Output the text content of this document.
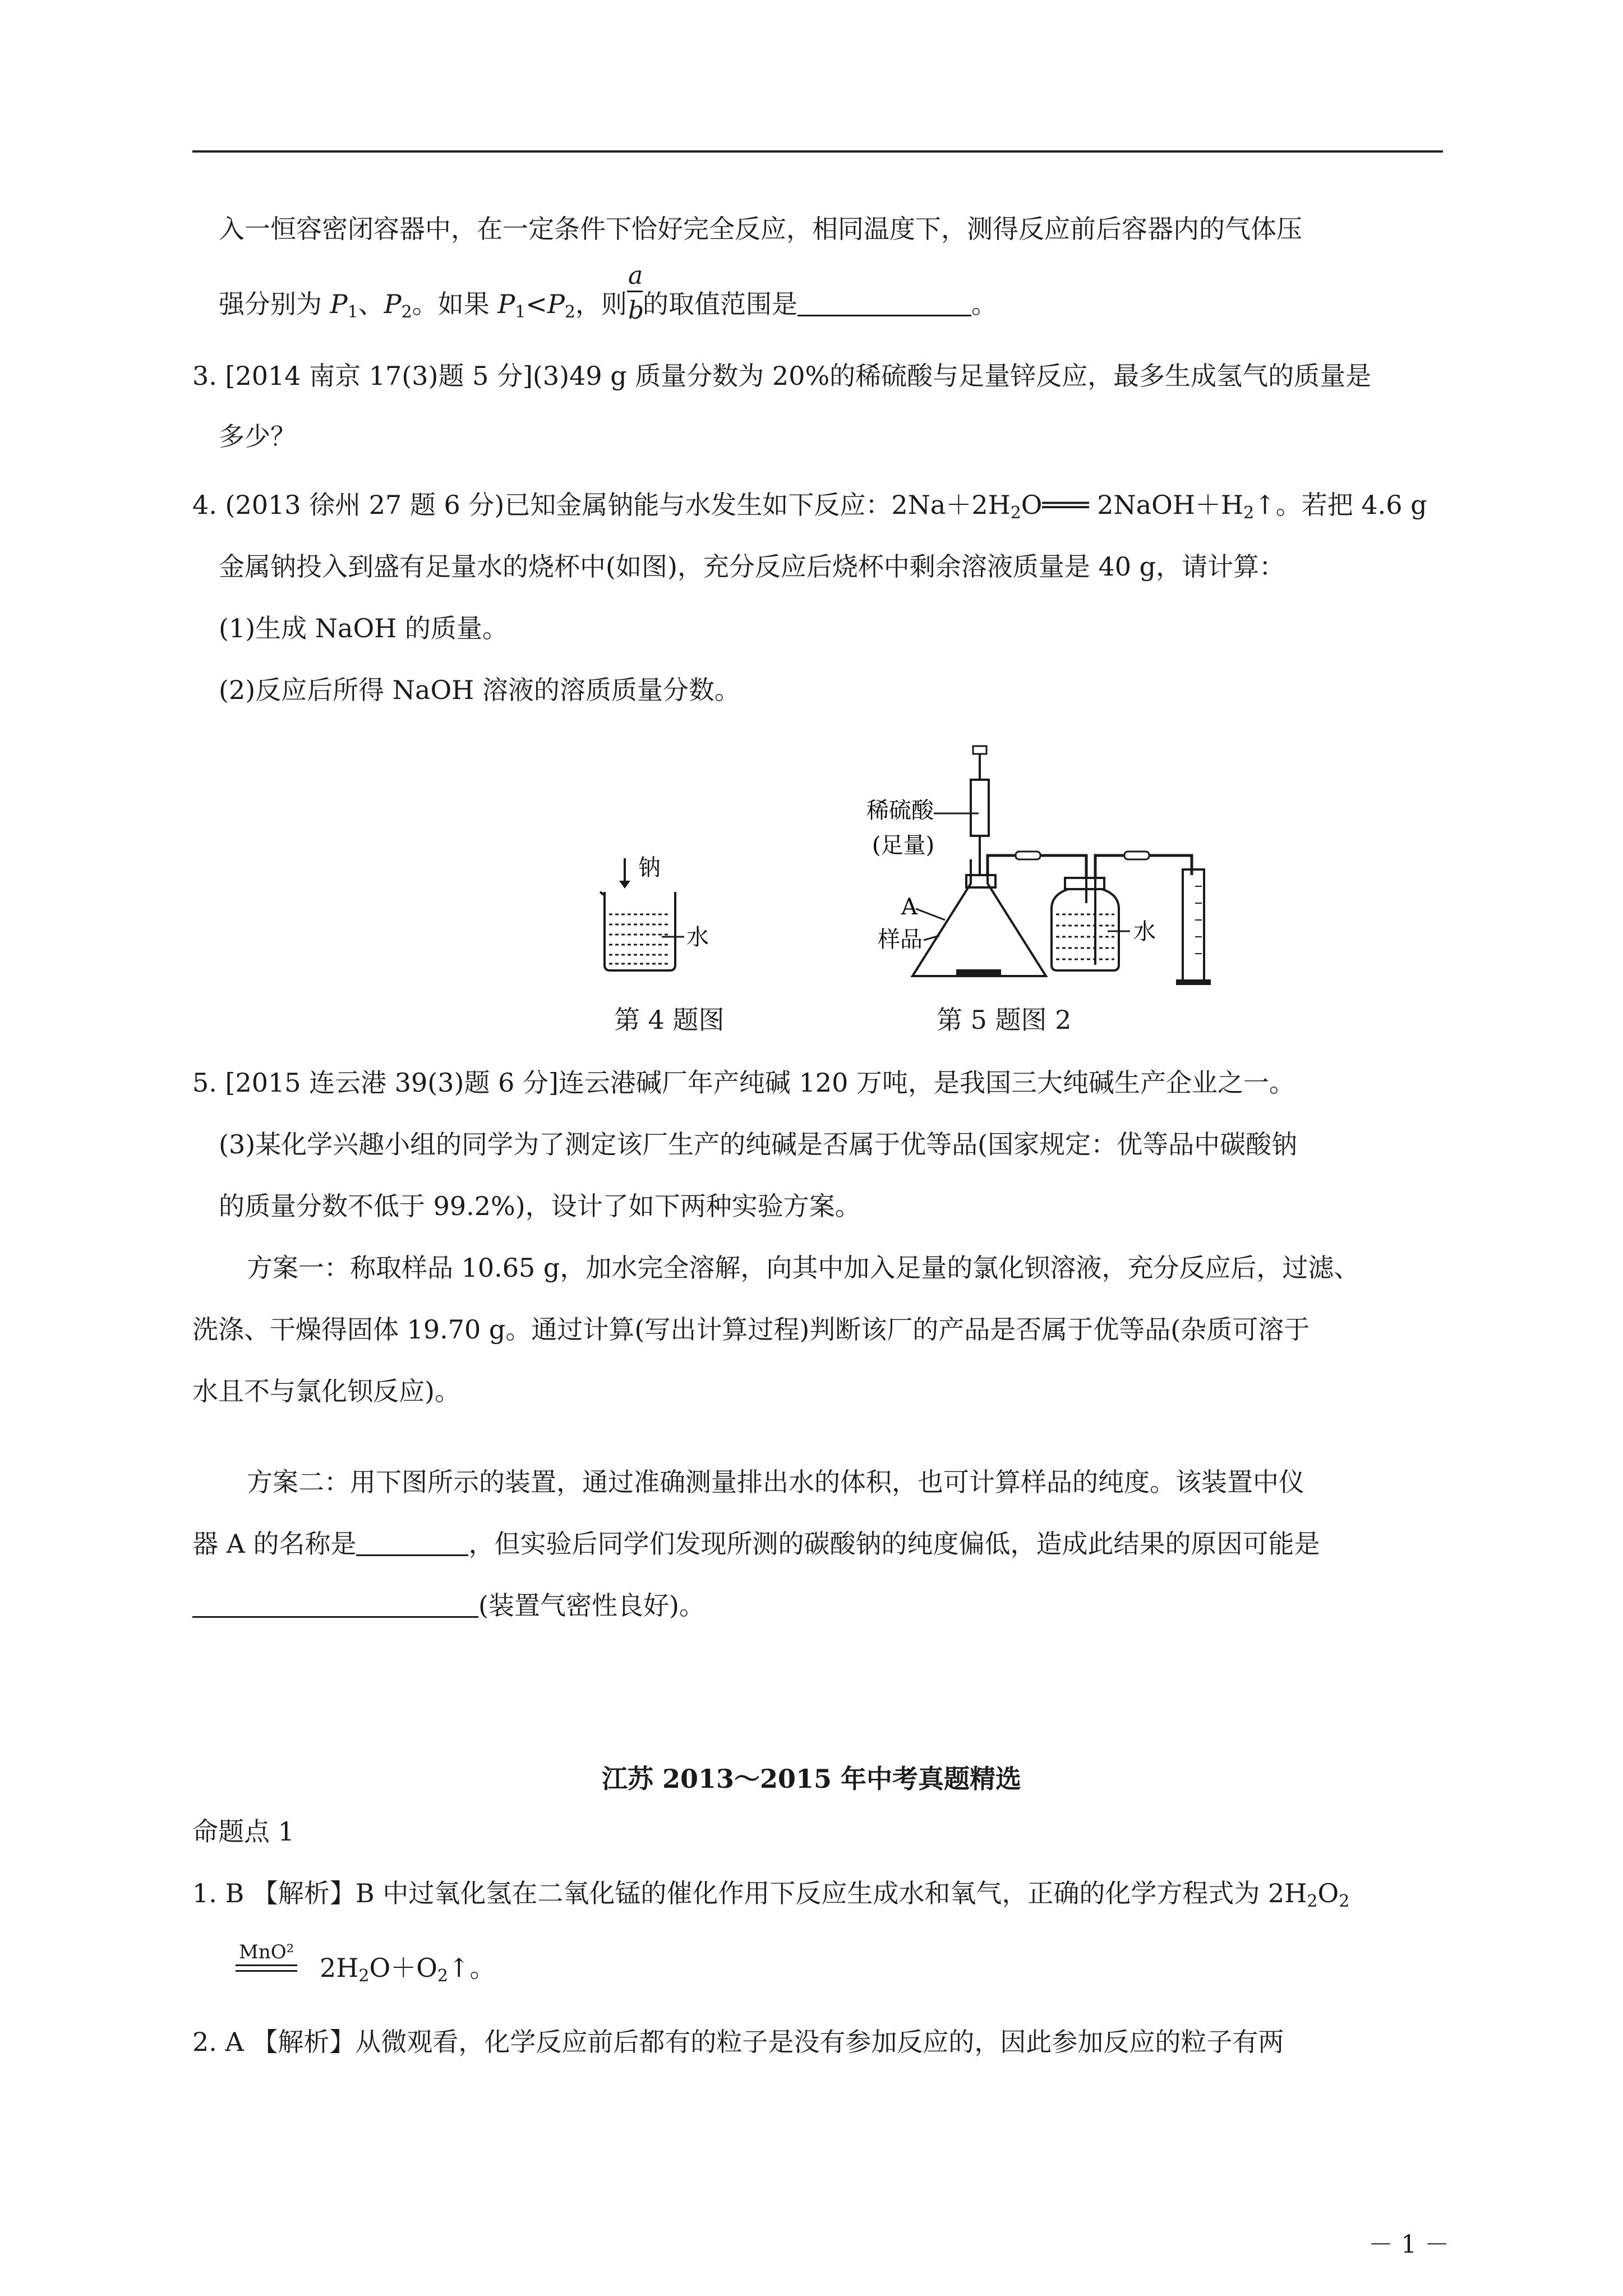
入一恒容密闭容器中，在一定条件下恰好完全反应，相同温度下，测得反应前后容器内的气体压
强分别为 $P_1$、$P_2$。如果 $P_1<P_2$，则 $\frac{a}{b}$ 的取值范围是	。
3. [2014 南京 17(3)题 5 分](3)49 g 质量分数为 20%的稀硫酸与足量锌反应，最多生成氢气的质量是
多少？
4. (2013 徐州 27 题 6 分)已知金属钠能与水发生如下反应：$2Na+2H_2O═══$ $2NaOH+H_2↑$。若把 4.6 g
金属钠投入到盛有足量水的烧杯中(如图)，充分反应后烧杯中剩余溶液质量是 40 g，请计算：
(1)生成 NaOH 的质量。
(2)反应后所得 NaOH 溶液的溶质质量分数。
钠
水
第 4 题图
稀硫酸
(足量)
A
样品	水
第 5 题图 2
5. [2015 连云港 39(3)题 6 分]连云港碱厂年产纯碱 120 万吨，是我国三大纯碱生产企业之一。
(3)某化学兴趣小组的同学为了测定该厂生产的纯碱是否属于优等品(国家规定：优等品中碳酸钠
的质量分数不低于 99.2%)，设计了如下两种实验方案。
方案一：称取样品 10.65 g，加水完全溶解，向其中加入足量的氯化钡溶液，充分反应后，过滤、
洗涤、干燥得固体 19.70 g。通过计算(写出计算过程)判断该厂的产品是否属于优等品(杂质可溶于
水且不与氯化钡反应)。
方案二：用下图所示的装置，通过准确测量排出水的体积，也可计算样品的纯度。该装置中仪
器 A 的名称是	，但实验后同学们发现所测的碳酸钠的纯度偏低，造成此结果的原因可能是
(装置气密性良好)。
江苏 2013～2015 年中考真题精选
命题点 1
1. B 【解析】B 中过氧化氢在二氧化锰的催化作用下反应生成水和氧气，正确的化学方程式为 $2H_2O_2$
MnO²
$2H_2O+O_2↑$。
2. A 【解析】从微观看，化学反应前后都有的粒子是没有参加反应的，因此参加反应的粒子有两
－ 1 －
